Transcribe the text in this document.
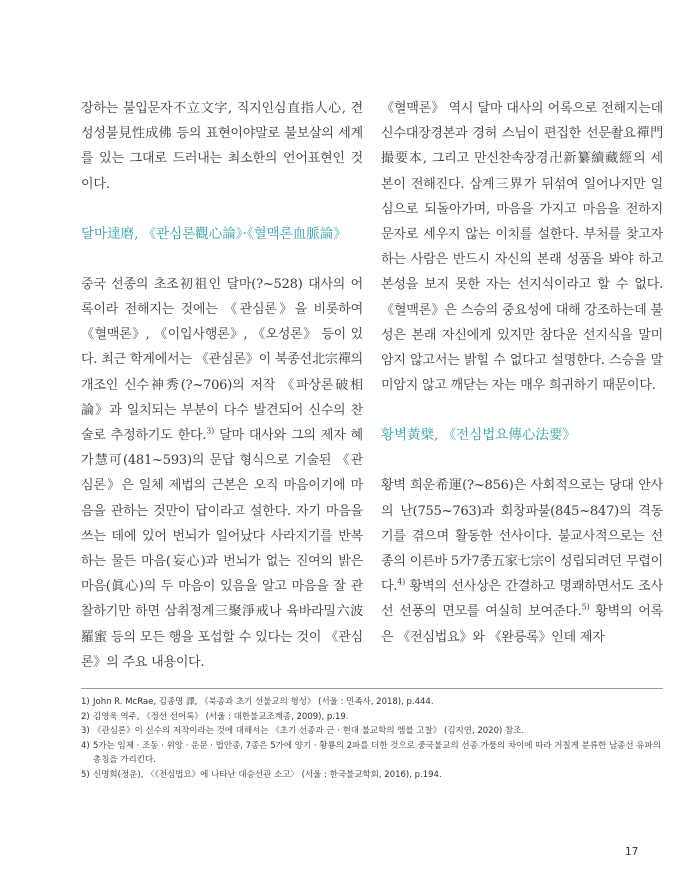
장하는 불입문자不立文字, 직지인심直指人心, 견성성불見性成佛 등의 표현이야말로 불보살의 세계를 있는 그대로 드러내는 최소한의 언어표현인 것이다.

달마達磨, 《관심론觀心論》·《혈맥론血脈論》

중국 선종의 초조初祖인 달마(?~528) 대사의 어록이라 전해지는 것에는 《관심론》을 비롯하여 《혈맥론》, 《이입사행론》, 《오성론》 등이 있다. 최근 학계에서는 《관심론》이 북종선北宗禪의 개조인 신수神秀(?~706)의 저작 《파상론破相論》과 일치되는 부분이 다수 발견되어 신수의 찬술로 추정하기도 한다.$^{3)}$ 달마 대사와 그의 제자 혜가慧可(481~593)의 문답 형식으로 기술된 《관심론》은 일체 제법의 근본은 오직 마음이기에 마음을 관하는 것만이 답이라고 설한다. 자기 마음을 쓰는 데에 있어 번뇌가 일어났다 사라지기를 반복하는 물든 마음(妄心)과 번뇌가 없는 진여의 밝은 마음(眞心)의 두 마음이 있음을 알고 마음을 잘 관찰하기만 하면 삼취정계三聚淨戒나 육바라밀六波羅蜜 등의 모든 행을 포섭할 수 있다는 것이 《관심론》의 주요 내용이다.

《혈맥론》 역시 달마 대사의 어록으로 전해지는데 신수대장경본과 경허 스님이 편집한 선문촬요禪門撮要本, 그리고 만신찬속장경卍新纂續藏經의 세 본이 전해진다. 삼계三界가 뒤섞여 일어나지만 일심으로 되돌아가며, 마음을 가지고 마음을 전하지 문자로 세우지 않는 이치를 설한다. 부처를 찾고자 하는 사람은 반드시 자신의 본래 성품을 봐야 하고 본성을 보지 못한 자는 선지식이라고 할 수 없다. 《혈맥론》은 스승의 중요성에 대해 강조하는데 불성은 본래 자신에게 있지만 참다운 선지식을 말미암지 않고서는 밝힐 수 없다고 설명한다. 스승을 말미암지 않고 깨닫는 자는 매우 희귀하기 때문이다.

황벽黃檗, 《전심법요傳心法要》

황벽 희운希運(?~856)은 사회적으로는 당대 안사의 난(755~763)과 회창파불(845~847)의 격동기를 겪으며 활동한 선사이다. 불교사적으로는 선종의 이른바 5가7종五家七宗이 성립되려던 무렵이다.$^{4)}$ 황벽의 선사상은 간결하고 명쾌하면서도 조사선 선풍의 면모를 여실히 보여준다.$^{5)}$ 황벽의 어록은 《전심법요》와 《완릉록》인데 제자

1) John R. McRae, 김종명 譯, 《북종과 초기 선불교의 형성》 (서울 : 민족사, 2018), p.444.
2) 김영욱 역주, 《정선 선어록》 (서울 : 대한불교조계종, 2009), p.19.
3) 《관심론》이 신수의 저작이라는 것에 대해서는 《초기 선종과 근 · 현대 불교학의 엠블 고찰》 (김지연, 2020) 참조.
4) 5가는 임제 · 조동 · 위앙 · 운문 · 법안종, 7종은 5가에 양기 · 황룡의 2파를 더한 것으로 중국불교의 선종 가풍의 차이에 따라 거칠게 분류한 남종선 유파의 총칭을 가리킨다.
5) 신명희(정운), 〈《전심법요》에 나타난 대승선관 소고〉 (서울 : 한국불교학회, 2016), p.194.
17
